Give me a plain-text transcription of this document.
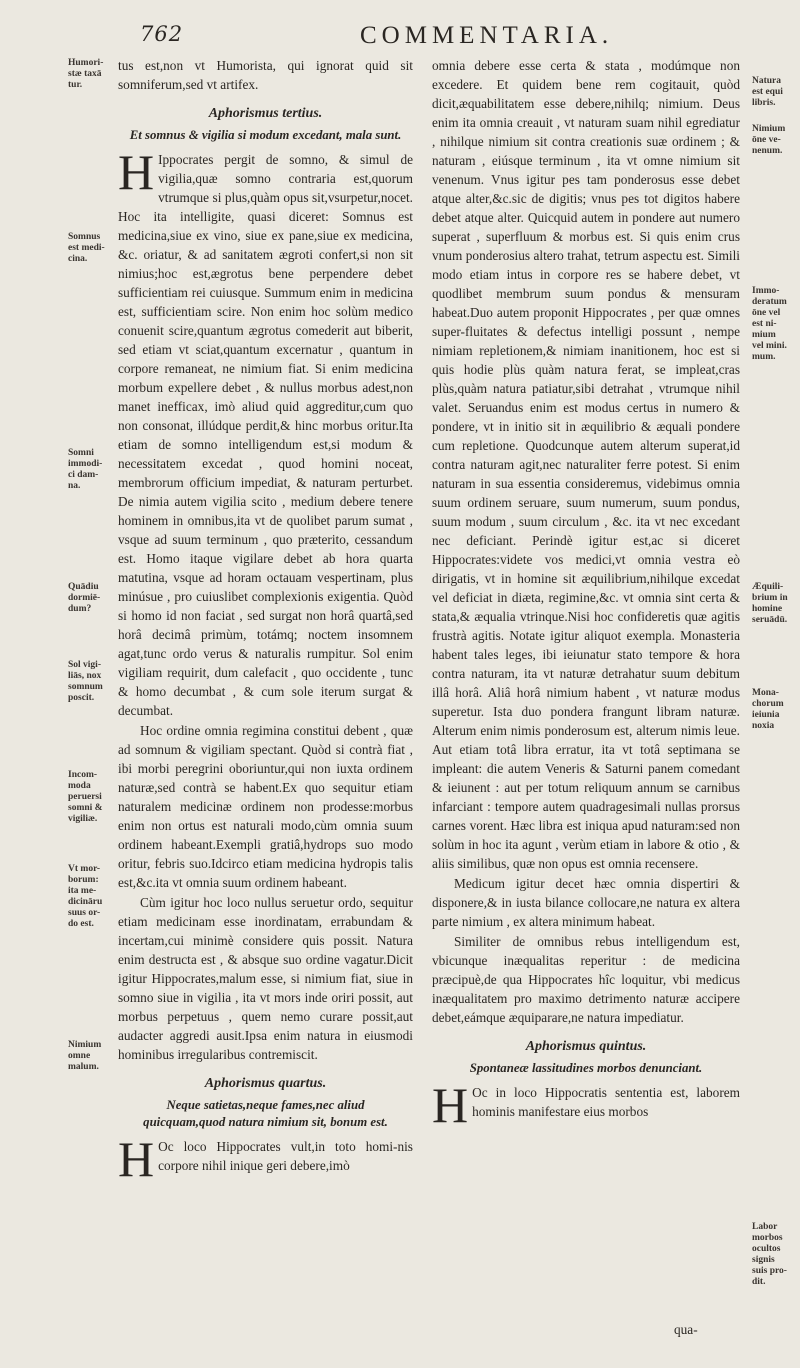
762	COMMENTARIA.
Humori-
stæ taxā
tur.
Somnus
est medi-
cina.
Somni
immodi-
ci dam-
na.
Quādiu
dormiē-
dum?
Sol vigi-
liās, nox
somnum
poscit.
Incom-
moda
peruersi
somni &
vigiliæ.
Vt mor-
borum:
ita me-
dicināru
suus or-
do est.
Nimium
omne
malum.
Natura
est equi
libris.
Nimium
ōne ve-
nenum.
Immo-
deratum
ōne vel
est ni-
mium
vel mini.
mum.
Æquili-
brium in
homine
seruādū.
Mona-
chorum
ieiunia
noxia
Labor
morbos
ocultos
signis
suis pro-
dit.

tus est,non vt Humorista, qui ignorat quid sit somniferum,sed vt artifex.

Aphorismus tertius.
Et somnus & vigilia si modum excedant, mala sunt.

H Ippocrates pergit de somno, & simul de vigilia,quæ somno contraria est,quorum vtrumque si plus,quàm opus sit,vsurpetur,nocet. Hoc ita intelligite, quasi diceret: Somnus est medicina,siue ex vino, siue ex pane,siue ex medicina, &c. oriatur, & ad sanitatem ægroti confert,si non sit nimius;hoc est,ægrotus bene perpendere debet sufficientiam rei cuiusque. Summum enim in medicina est, sufficientiam scire. Non enim hoc solùm medico conuenit scire,quantum ægrotus comederit aut biberit, sed etiam vt sciat,quantum excernatur , quantum in corpore remaneat, ne nimium fiat. Si enim medicina morbum expellere debet , & nullus morbus adest,non manet inefficax, imò aliud quid aggreditur,cum quo non consonat, illúdque perdit,& hinc morbus oritur.Ita etiam de somno intelligendum est,si modum & necessitatem excedat , quod homini noceat, membrorum officium impediat, & naturam perturbet. De nimia autem vigilia scito , medium debere tenere hominem in omnibus,ita vt de quolibet parum sumat , vsque ad suum terminum , quo præterito, cessandum est. Homo itaque vigilare debet ab hora quarta matutina, vsque ad horam octauam vespertinam, plus minúsue , pro cuiuslibet complexionis exigentia. Quòd si homo id non faciat , sed surgat non horâ quartâ,sed horâ decimâ primùm, totámq; noctem insomnem agat,tunc ordo verus & naturalis rumpitur. Sol enim vigiliam requirit, dum calefacit , quo occidente , tunc & homo decumbat , & cum sole iterum surgat & decumbat.

Hoc ordine omnia regimina constitui debent , quæ ad somnum & vigiliam spectant. Quòd si contrà fiat , ibi morbi peregrini oboriuntur,qui non iuxta ordinem naturæ,sed contrà se habent.Ex quo sequitur etiam naturalem medicinæ ordinem non prodesse:morbus enim non ortus est naturali modo,cùm omnia suum ordinem habeant.Exempli gratiâ,hydrops suo modo oritur, febris suo.Idcirco etiam medicina hydropis talis est,&c.ita vt omnia suum ordinem habeant.

Cùm igitur hoc loco nullus seruetur ordo, sequitur etiam medicinam esse inordinatam, errabundam & incertam,cui minimè considere quis possit. Natura enim destructa est , & absque suo ordine vagatur.Dicit igitur Hippocrates,malum esse, si nimium fiat, siue in somno siue in vigilia , ita vt mors inde oriri possit, aut morbus perpetuus , quem nemo curare possit,aut audacter aggredi ausit.Ipsa enim natura in eiusmodi hominibus irregularibus contremiscit.

Aphorismus quartus.
Neque satietas,neque fames,nec aliud quicquam,quod natura nimium sit, bonum est.

H Oc loco Hippocrates vult,in toto homi-nis corpore nihil inique geri debere,imò

omnia debere esse certa & stata , modúmque non excedere. Et quidem bene rem cogitauit, quòd dicit,æquabilitatem esse debere,nihilq; nimium. Deus enim ita omnia creauit , vt naturam suam nihil egrediatur , nihilque nimium sit contra creationis suæ ordinem ; & naturam , eiúsque terminum , ita vt omne nimium sit venenum. Vnus igitur pes tam ponderosus esse debet atque alter,&c.sic de digitis; vnus pes tot digitos habere debet atque alter. Quicquid autem in pondere aut numero superat , superfluum & morbus est. Si quis enim crus vnum ponderosius altero trahat, tetrum aspectu est. Simili modo etiam intus in corpore res se habere debet, vt quodlibet membrum suum pondus & mensuram habeat.Duo autem proponit Hippocrates , per quæ omnes super-fluitates & defectus intelligi possunt , nempe nimiam repletionem,& nimiam inanitionem, hoc est si quis hodie plùs quàm natura ferat, se impleat,cras plùs,quàm natura patiatur,sibi detrahat , vtrumque nihil valet. Seruandus enim est modus certus in numero & pondere, vt in initio sit in æquilibrio & æquali pondere cum repletione. Quodcunque autem alterum superat,id contra naturam agit,nec naturaliter ferre potest. Si enim naturam in sua essentia consideremus, videbimus omnia suum ordinem seruare, suum numerum, suum pondus, suum modum , suum circulum , &c. ita vt nec excedant nec deficiant. Perindè igitur est,ac si diceret Hippocrates:videte vos medici,vt omnia vestra eò dirigatis, vt in homine sit æquilibrium,nihilque excedat vel deficiat in diæta, regimine,&c. vt omnia sint certa & stata,& æqualia vtrinque.Nisi hoc confideretis quæ agitis frustrà agitis. Notate igitur aliquot exempla. Monasteria habent tales leges, ibi ieiunatur stato tempore & hora contra naturam, ita vt naturæ detrahatur suum debitum illâ horâ. Aliâ horâ nimium habent , vt naturæ modus superetur. Ista duo pondera frangunt libram naturæ. Alterum enim nimis ponderosum est, alterum nimis leue. Aut etiam totâ libra erratur, ita vt totâ septimana se impleant: die autem Veneris & Saturni panem comedant & ieiunent : aut per totum reliquum annum se carnibus infarciant : tempore autem quadragesimali nullas prorsus carnes vorent. Hæc libra est iniqua apud naturam:sed non solùm in hoc ita agunt , verùm etiam in labore & otio , & aliis similibus, quæ non opus est omnia recensere.

Medicum igitur decet hæc omnia dispertiri & disponere,& in iusta bilance collocare,ne natura ex altera parte nimium , ex altera minimum habeat.

Similiter de omnibus rebus intelligendum est, vbicunque inæqualitas reperitur : de medicina præcipuè,de qua Hippocrates hîc loquitur, vbi medicus inæqualitatem pro maximo detrimento naturæ accipere debet,eámque æquiparare,ne natura impediatur.

Aphorismus quintus.
Spontaneæ lassitudines morbos denunciant.

H Oc in loco Hippocratis sententia est, laborem hominis manifestare eius morbos

qua-
